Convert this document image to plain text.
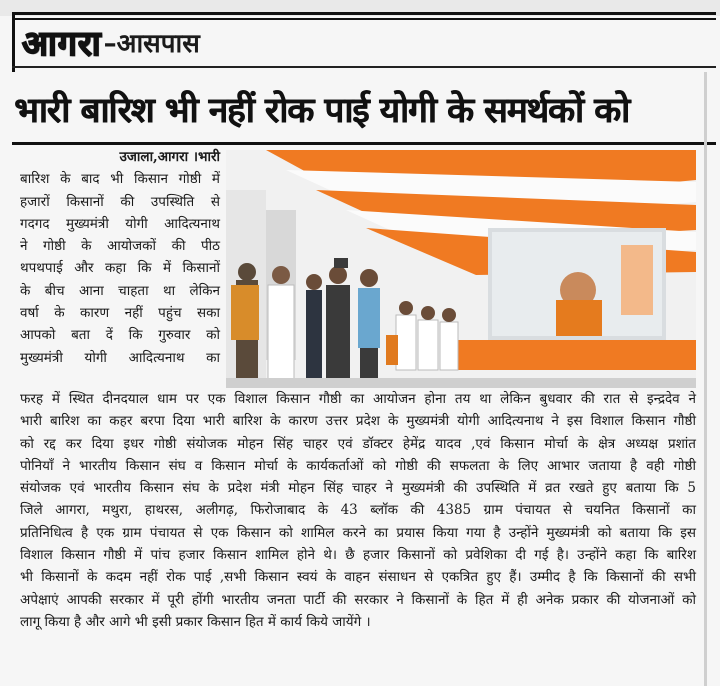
आगरा –आसपास
भारी बारिश भी नहीं रोक पाई योगी के समर्थकों को
उजाला,आगरा ।भारी
बारिश के बाद भी किसान गोष्ठी में
हजारों किसानों की उपस्थिति से
गदगद मुख्यमंत्री योगी आदित्यनाथ
ने गोष्ठी के आयोजकों की पीठ
थपथपाई और कहा कि में किसानों
के बीच आना चाहता था लेकिन
वर्षा के कारण नहीं पहुंच सका
आपको बता दें कि गुरुवार को
मुख्यमंत्री योगी आदित्यनाथ का
फरह में स्थित दीनदयाल धाम पर एक विशाल किसान गौष्ठी का आयोजन होना तय था लेकिन बुधवार की रात से इन्द्रदेव ने
भारी बारिश का कहर बरपा दिया भारी बारिश के कारण उत्तर प्रदेश के मुख्यमंत्री योगी आदित्यनाथ ने इस विशाल किसान गौष्ठी
को रद्द कर दिया इधर गोष्ठी संयोजक मोहन सिंह चाहर एवं डॉक्टर हेमेंद्र यादव ,एवं किसान मोर्चा के क्षेत्र अध्यक्ष प्रशांत
पोनियाँ ने भारतीय किसान संघ व किसान मोर्चा के कार्यकर्ताओं को गोष्ठी की सफलता के लिए आभार जताया है वही गोष्ठी
संयोजक एवं भारतीय किसान संघ के प्रदेश मंत्री मोहन सिंह चाहर ने मुख्यमंत्री की उपस्थिति में व्रत रखते हुए बताया कि 5
जिले आगरा, मथुरा, हाथरस, अलीगढ़, फिरोजाबाद के 43 ब्लॉक की 4385 ग्राम पंचायत से चयनित किसानों का
प्रतिनिधित्व है एक ग्राम पंचायत से एक किसान को शामिल करने का प्रयास किया गया है उन्होंने मुख्यमंत्री को बताया कि इस
विशाल किसान गौष्ठी में पांच हजार किसान शामिल होने थे। छै हजार किसानों को प्रवेशिका दी गई है। उन्होंने कहा कि बारिश
भी किसानों के कदम नहीं रोक पाई ,सभी किसान स्वयं के वाहन संसाधन से एकत्रित हुए हैं। उम्मीद है कि किसानों की सभी
अपेक्षाएं आपकी सरकार में पूरी होंगी भारतीय जनता पार्टी की सरकार ने किसानों के हित में ही अनेक प्रकार की योजनाओं को
लागू किया है और आगे भी इसी प्रकार किसान हित में कार्य किये जायेंगे ।
